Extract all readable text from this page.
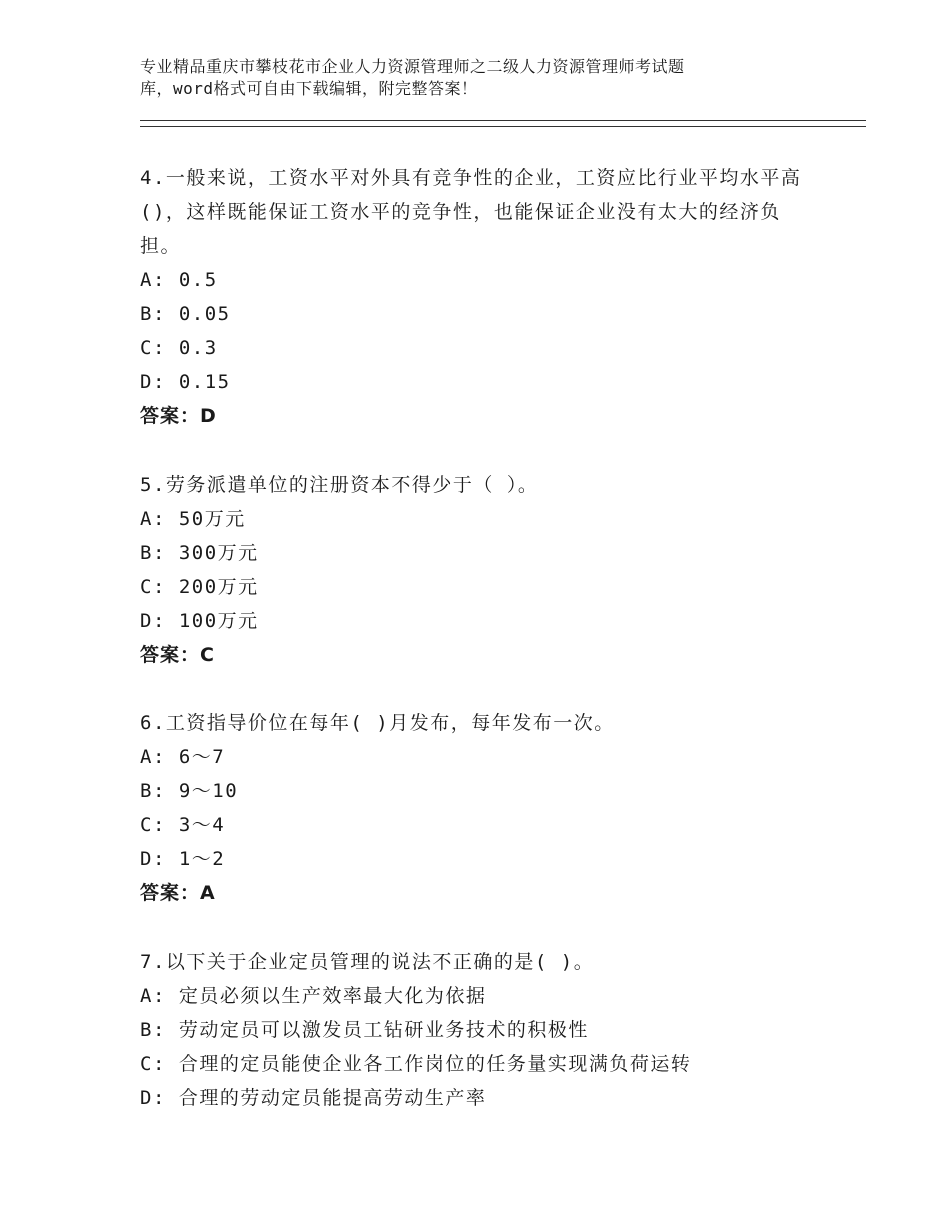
专业精品重庆市攀枝花市企业人力资源管理师之二级人力资源管理师考试题
库，word格式可自由下载编辑，附完整答案！

4.一般来说，工资水平对外具有竞争性的企业，工资应比行业平均水平高()，这样既能保证工资水平的竞争性，也能保证企业没有太大的经济负担。

A: 0.5

B: 0.05

C: 0.3

D: 0.15

答案：D

5.劳务派遣单位的注册资本不得少于（ ）。

A: 50万元

B: 300万元

C: 200万元

D: 100万元

答案：C

6.工资指导价位在每年( )月发布，每年发布一次。

A: 6～7

B: 9～10

C: 3～4

D: 1～2

答案：A

7.以下关于企业定员管理的说法不正确的是( )。

A: 定员必须以生产效率最大化为依据

B: 劳动定员可以激发员工钻研业务技术的积极性

C: 合理的定员能使企业各工作岗位的任务量实现满负荷运转

D: 合理的劳动定员能提高劳动生产率
